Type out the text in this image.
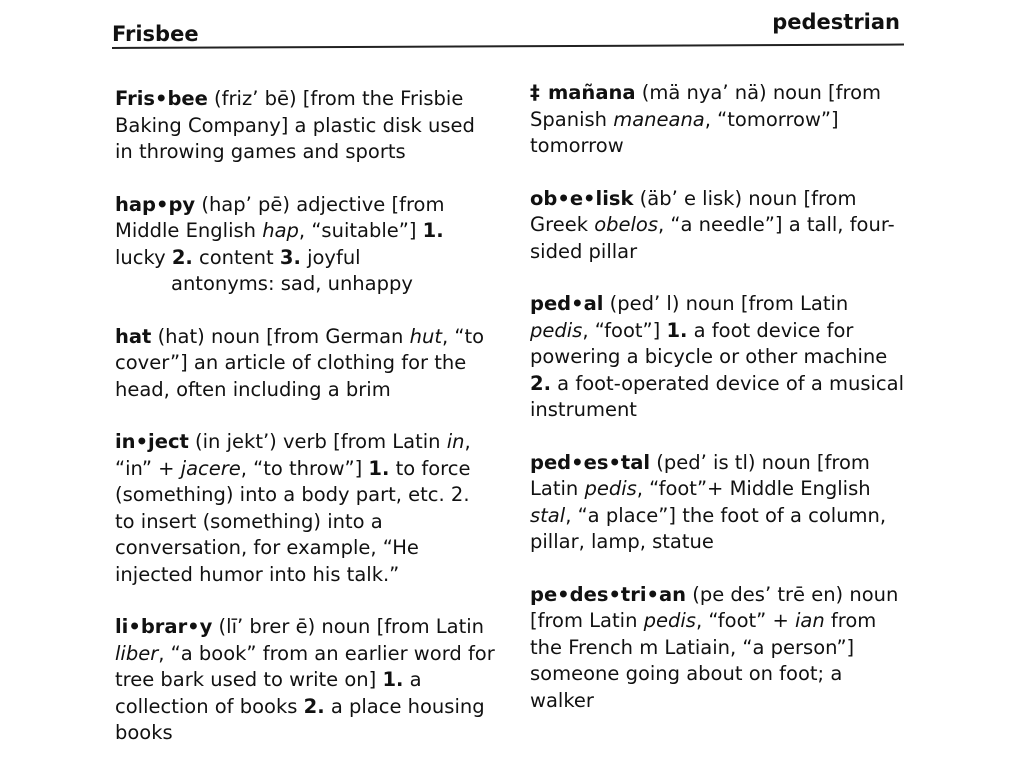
Frisbee	pedestrian

Fris•bee (friz’ bē) [from the Frisbie Baking Company] a plastic disk used in throwing games and sports

hap•py (hap’ pē) adjective [from Middle English hap, “suitable”] 1. lucky 2. content 3. joyful
antonyms: sad, unhappy

hat (hat) noun [from German hut, “to cover”] an article of clothing for the head, often including a brim

in•ject (in jekt’) verb [from Latin in, “in” + jacere, “to throw”] 1. to force (something) into a body part, etc. 2. to insert (something) into a conversation, for example, “He injected humor into his talk.”

li•brar•y (lī’ brer ē) noun [from Latin liber, “a book” from an earlier word for tree bark used to write on] 1. a collection of books 2. a place housing books

‡ mañana (mä nya’ nä) noun [from Spanish maneana, “tomorrow”] tomorrow

ob•e•lisk (äb’ e lisk) noun [from Greek obelos, “a needle”] a tall, four-sided pillar

ped•al (ped’ l) noun [from Latin pedis, “foot”] 1. a foot device for powering a bicycle or other machine 2. a foot-operated device of a musical instrument

ped•es•tal (ped’ is tl) noun [from Latin pedis, “foot”+ Middle English stal, “a place”] the foot of a column, pillar, lamp, statue

pe•des•tri•an (pe des’ trē en) noun [from Latin pedis, “foot” + ian from the French m Latiain, “a person”] someone going about on foot; a walker
